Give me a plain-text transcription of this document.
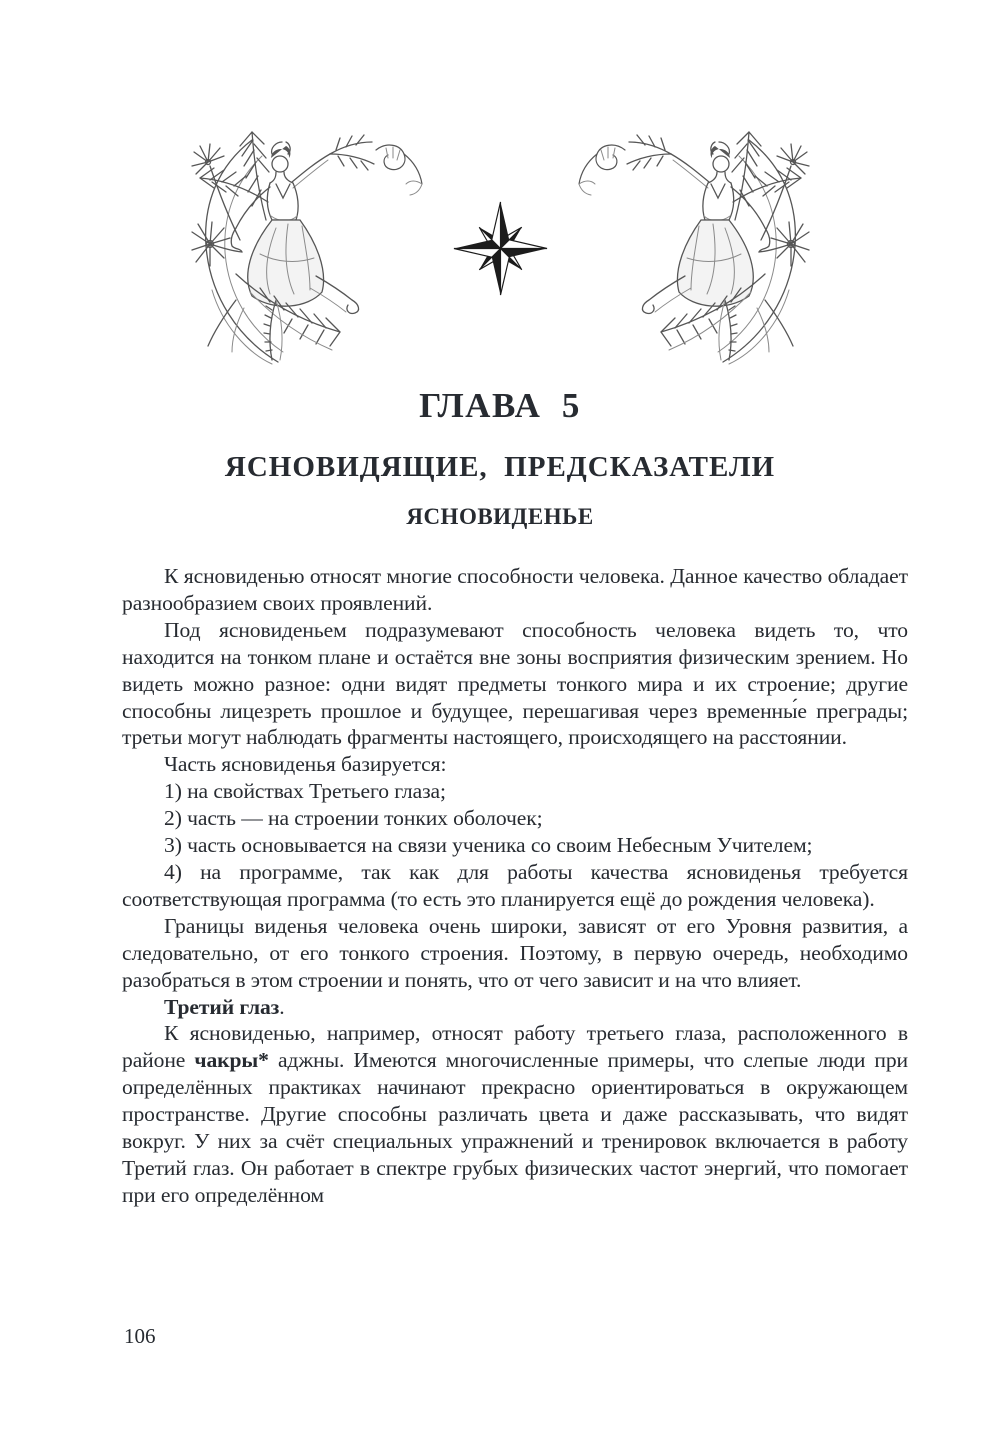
ГЛАВА  5
ЯСНОВИДЯЩИЕ,  ПРЕДСКАЗАТЕЛИ
ЯСНОВИДЕНЬЕ

К ясновиденью относят многие способности человека. Данное качество обладает разнообразием своих проявлений.

Под ясновиденьем подразумевают способность человека видеть то, что находится на тонком плане и остаётся вне зоны восприятия физическим зрением. Но видеть можно разное: одни видят предметы тонкого мира и их строение; другие способны лицезреть прошлое и будущее, перешагивая через временны́е преграды; третьи могут наблюдать фрагменты настоящего, происходящего на расстоянии.

Часть ясновиденья базируется:

1) на свойствах Третьего глаза;

2) часть — на строении тонких оболочек;

3) часть основывается на связи ученика со своим Небесным Учителем;

4) на программе, так как для работы качества ясновиденья требуется соответствующая программа (то есть это планируется ещё до рождения человека).

Границы виденья человека очень широки, зависят от его Уровня развития, а следовательно, от его тонкого строения. Поэтому, в первую очередь, необходимо разобраться в этом строении и понять, что от чего зависит и на что влияет.

Третий глаз.

К ясновиденью, например, относят работу третьего глаза, расположенного в районе чакры* аджны. Имеются многочисленные примеры, что слепые люди при определённых практиках начинают прекрасно ориентироваться в окружающем пространстве. Другие способны различать цвета и даже рассказывать, что видят вокруг. У них за счёт специальных упражнений и тренировок включается в работу Третий глаз. Он работает в спектре грубых физических частот энергий, что помогает при его определённом

106
